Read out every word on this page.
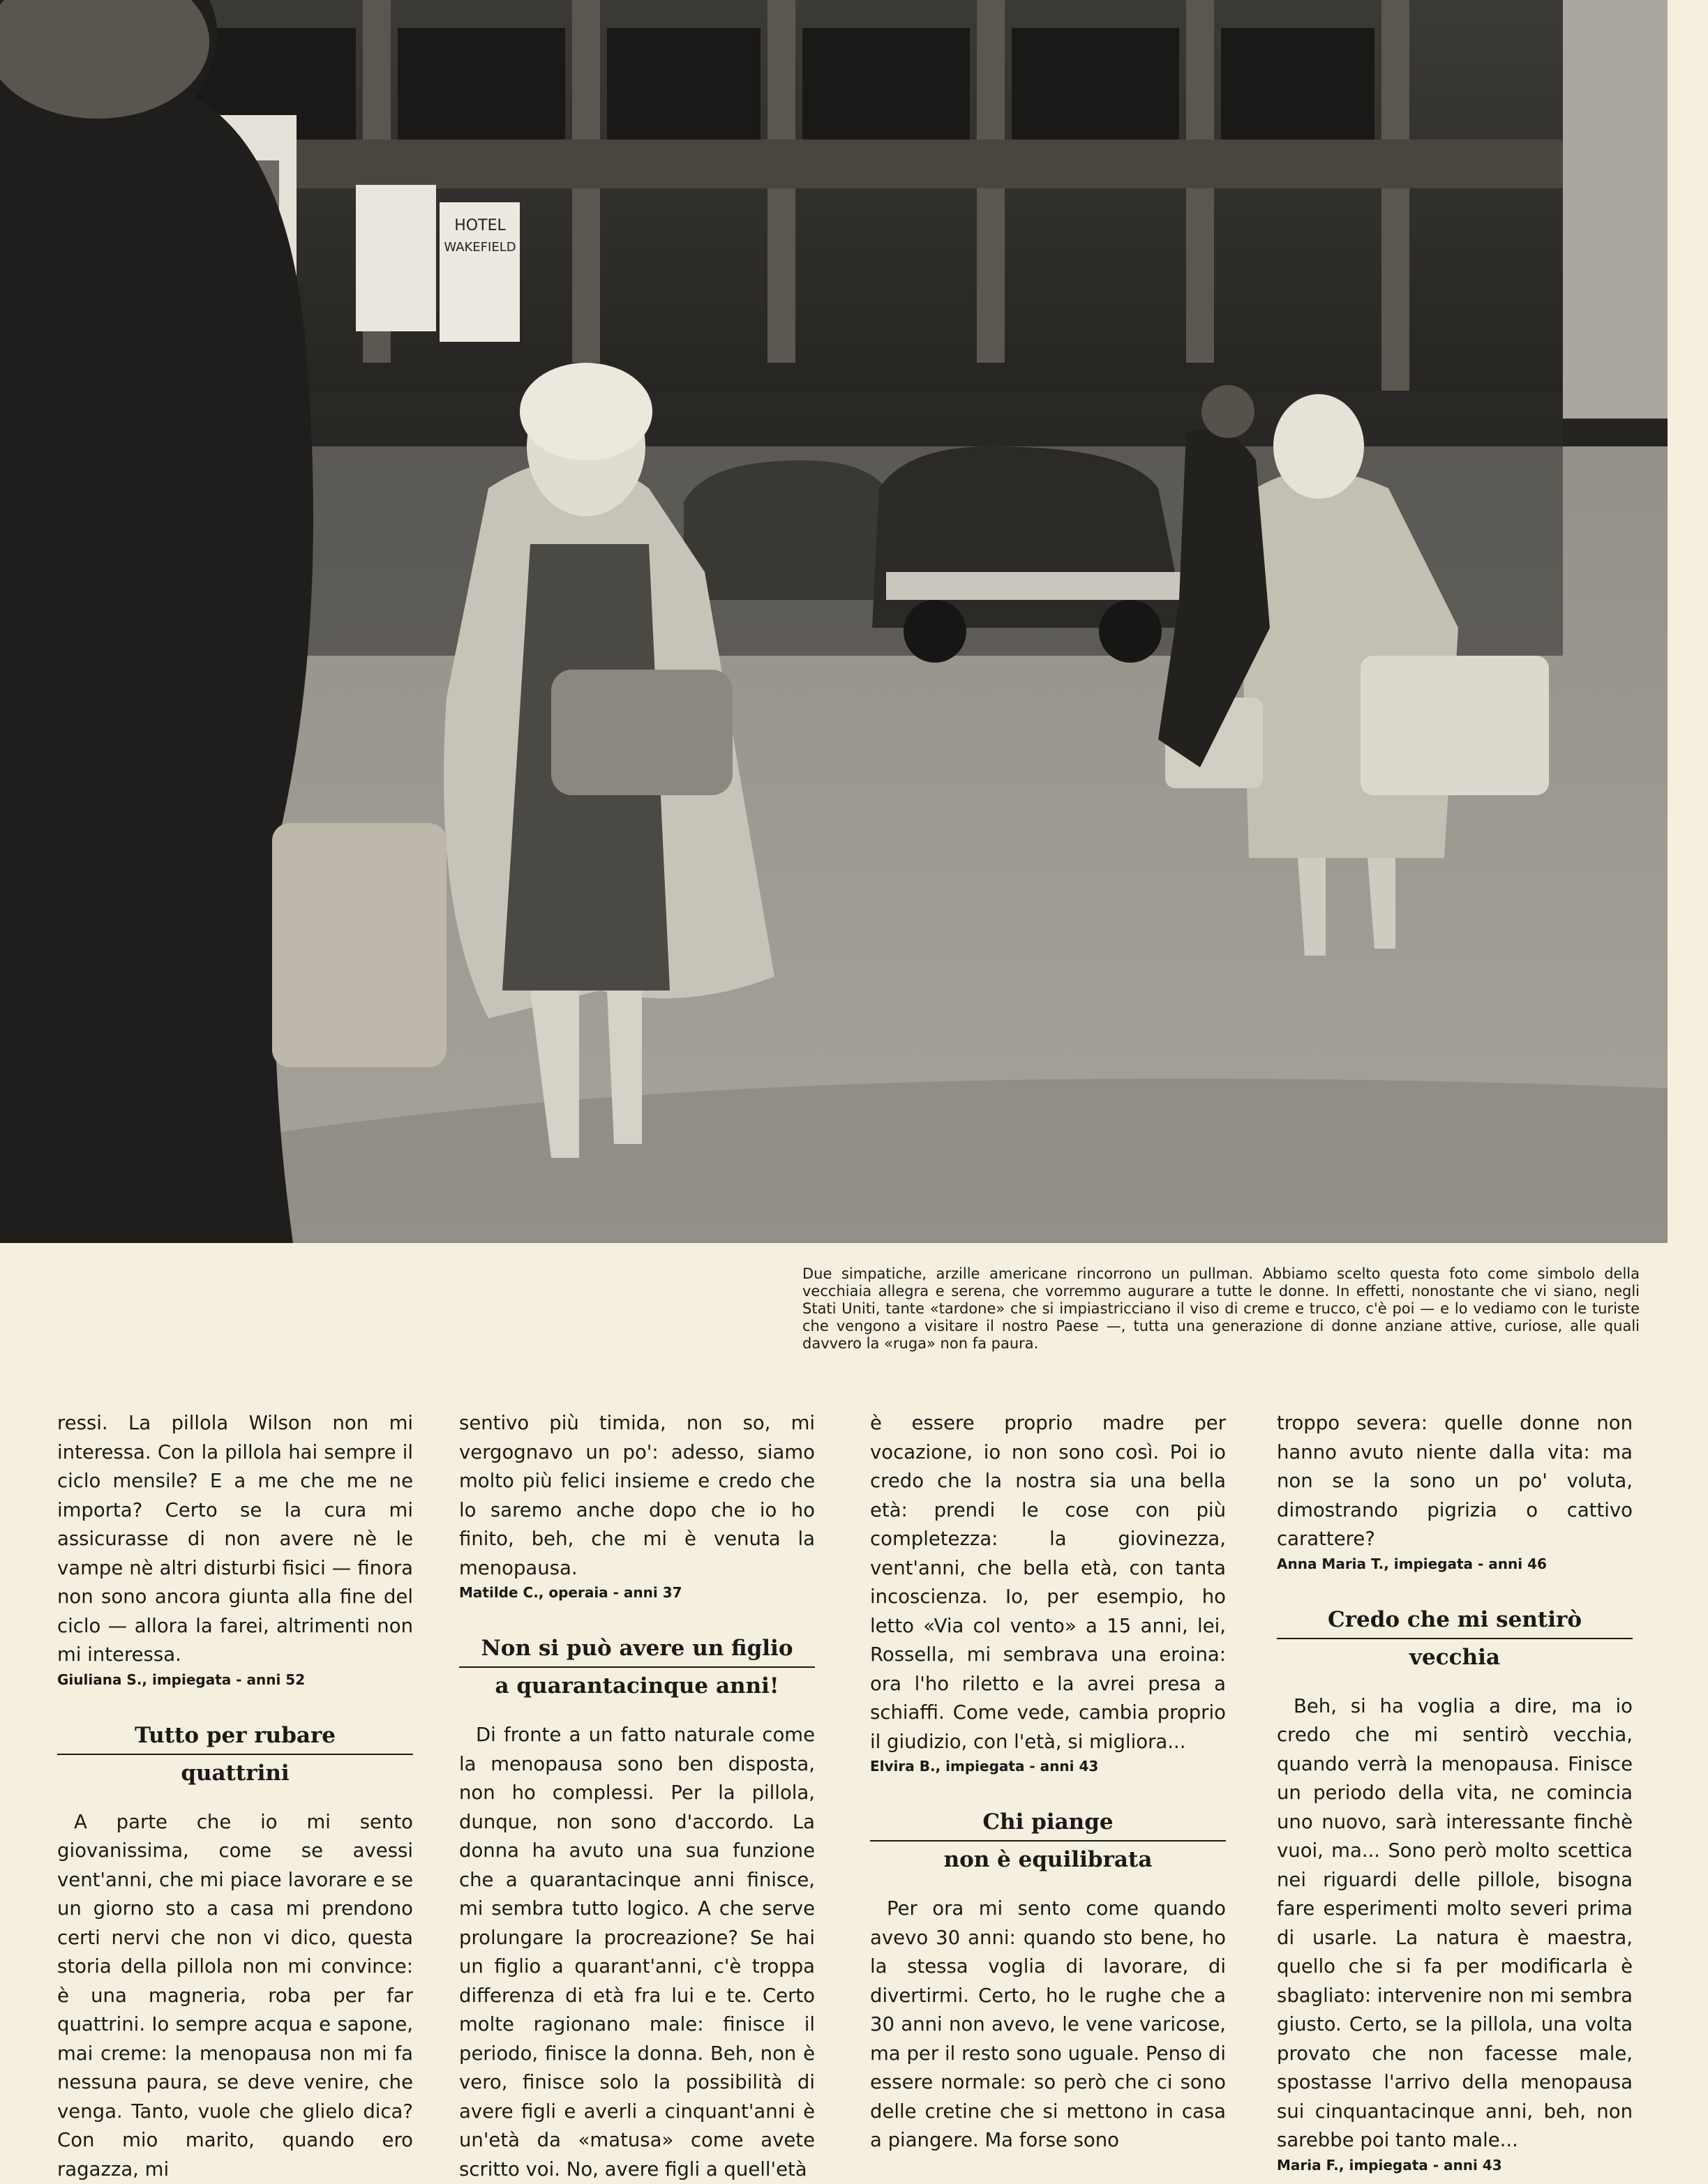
HOTEL
WAKEFIELD
Due simpatiche, arzille americane rincorrono un pullman. Abbiamo scelto questa foto come simbolo della vecchiaia allegra e serena, che vorremmo augurare a tutte le donne. In effetti, nonostante che vi siano, negli Stati Uniti, tante «tardone» che si impiastricciano il viso di creme e trucco, c'è poi — e lo vediamo con le turiste che vengono a visitare il nostro Paese —, tutta una generazione di donne anziane attive, curiose, alle quali davvero la «ruga» non fa paura.

ressi. La pillola Wilson non mi interessa. Con la pillola hai sempre il ciclo mensile? E a me che me ne importa? Certo se la cura mi assicurasse di non avere nè le vampe nè altri disturbi fisici — finora non sono ancora giunta alla fine del ciclo — allora la farei, altrimenti non mi interessa.

Giuliana S., impiegata - anni 52

Tutto per rubare
quattrini

A parte che io mi sento giovanissima, come se avessi vent'anni, che mi piace lavorare e se un giorno sto a casa mi prendono certi nervi che non vi dico, questa storia della pillola non mi convince: è una magneria, roba per far quattrini. Io sempre acqua e sapone, mai creme: la menopausa non mi fa nessuna paura, se deve venire, che venga. Tanto, vuole che glielo dica? Con mio marito, quando ero ragazza, mi

sentivo più timida, non so, mi vergognavo un po': adesso, siamo molto più felici insieme e credo che lo saremo anche dopo che io ho finito, beh, che mi è venuta la menopausa.

Matilde C., operaia - anni 37

Non si può avere un figlio
a quarantacinque anni!

Di fronte a un fatto naturale come la menopausa sono ben disposta, non ho complessi. Per la pillola, dunque, non sono d'accordo. La donna ha avuto una sua funzione che a quarantacinque anni finisce, mi sembra tutto logico. A che serve prolungare la procreazione? Se hai un figlio a quarant'anni, c'è troppa differenza di età fra lui e te. Certo molte ragionano male: finisce il periodo, finisce la donna. Beh, non è vero, finisce solo la possibilità di avere figli e averli a cinquant'anni è un'età da «matusa» come avete scritto voi. No, avere figli a quell'età

è essere proprio madre per vocazione, io non sono così. Poi io credo che la nostra sia una bella età: prendi le cose con più completezza: la giovinezza, vent'anni, che bella età, con tanta incoscienza. Io, per esempio, ho letto «Via col vento» a 15 anni, lei, Rossella, mi sembrava una eroina: ora l'ho riletto e la avrei presa a schiaffi. Come vede, cambia proprio il giudizio, con l'età, si migliora...

Elvira B., impiegata - anni 43

Chi piange
non è equilibrata

Per ora mi sento come quando avevo 30 anni: quando sto bene, ho la stessa voglia di lavorare, di divertirmi. Certo, ho le rughe che a 30 anni non avevo, le vene varicose, ma per il resto sono uguale. Penso di essere normale: so però che ci sono delle cretine che si mettono in casa a piangere. Ma forse sono

troppo severa: quelle donne non hanno avuto niente dalla vita: ma non se la sono un po' voluta, dimostrando pigrizia o cattivo carattere?

Anna Maria T., impiegata - anni 46

Credo che mi sentirò
vecchia

Beh, si ha voglia a dire, ma io credo che mi sentirò vecchia, quando verrà la menopausa. Finisce un periodo della vita, ne comincia uno nuovo, sarà interessante finchè vuoi, ma... Sono però molto scettica nei riguardi delle pillole, bisogna fare esperimenti molto severi prima di usarle. La natura è maestra, quello che si fa per modificarla è sbagliato: intervenire non mi sembra giusto. Certo, se la pillola, una volta provato che non facesse male, spostasse l'arrivo della menopausa sui cinquantacinque anni, beh, non sarebbe poi tanto male...

Maria F., impiegata - anni 43
